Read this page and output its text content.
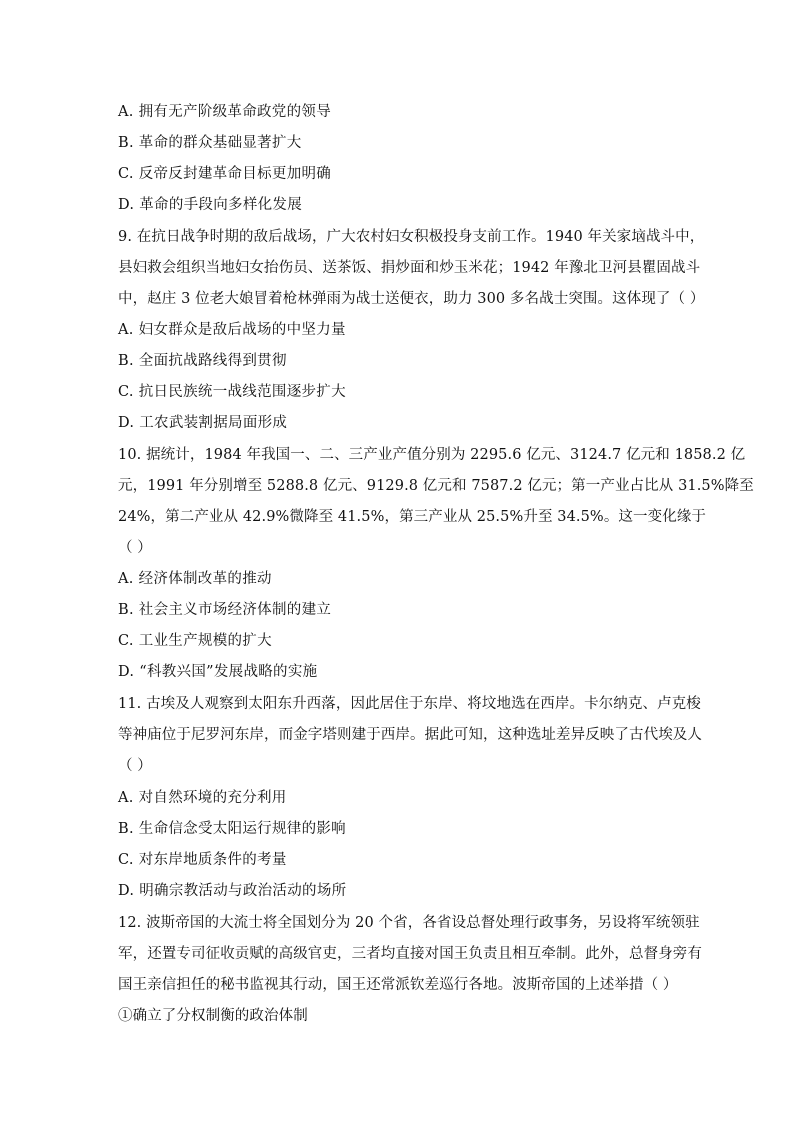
A. 拥有无产阶级革命政党的领导
B. 革命的群众基础显著扩大
C. 反帝反封建革命目标更加明确
D. 革命的手段向多样化发展
9. 在抗日战争时期的敌后战场，广大农村妇女积极投身支前工作。1940 年关家垴战斗中，
县妇救会组织当地妇女抬伤员、送茶饭、捐炒面和炒玉米花；1942 年豫北卫河县瞿固战斗
中，赵庄 3 位老大娘冒着枪林弹雨为战士送便衣，助力 300 多名战士突围。这体现了（ ）
A. 妇女群众是敌后战场的中坚力量
B. 全面抗战路线得到贯彻
C. 抗日民族统一战线范围逐步扩大
D. 工农武装割据局面形成
10. 据统计，1984 年我国一、二、三产业产值分别为 2295.6 亿元、3124.7 亿元和 1858.2 亿
元，1991 年分别增至 5288.8 亿元、9129.8 亿元和 7587.2 亿元；第一产业占比从 31.5%降至
24%，第二产业从 42.9%微降至 41.5%，第三产业从 25.5%升至 34.5%。这一变化缘于
（ ）
A. 经济体制改革的推动
B. 社会主义市场经济体制的建立
C. 工业生产规模的扩大
D. “科教兴国”发展战略的实施
11. 古埃及人观察到太阳东升西落，因此居住于东岸、将坟地选在西岸。卡尔纳克、卢克梭
等神庙位于尼罗河东岸，而金字塔则建于西岸。据此可知，这种选址差异反映了古代埃及人
（ ）
A. 对自然环境的充分利用
B. 生命信念受太阳运行规律的影响
C. 对东岸地质条件的考量
D. 明确宗教活动与政治活动的场所
12. 波斯帝国的大流士将全国划分为 20 个省，各省设总督处理行政事务，另设将军统领驻
军，还置专司征收贡赋的高级官吏，三者均直接对国王负责且相互牵制。此外，总督身旁有
国王亲信担任的秘书监视其行动，国王还常派钦差巡行各地。波斯帝国的上述举措（ ）
①确立了分权制衡的政治体制
